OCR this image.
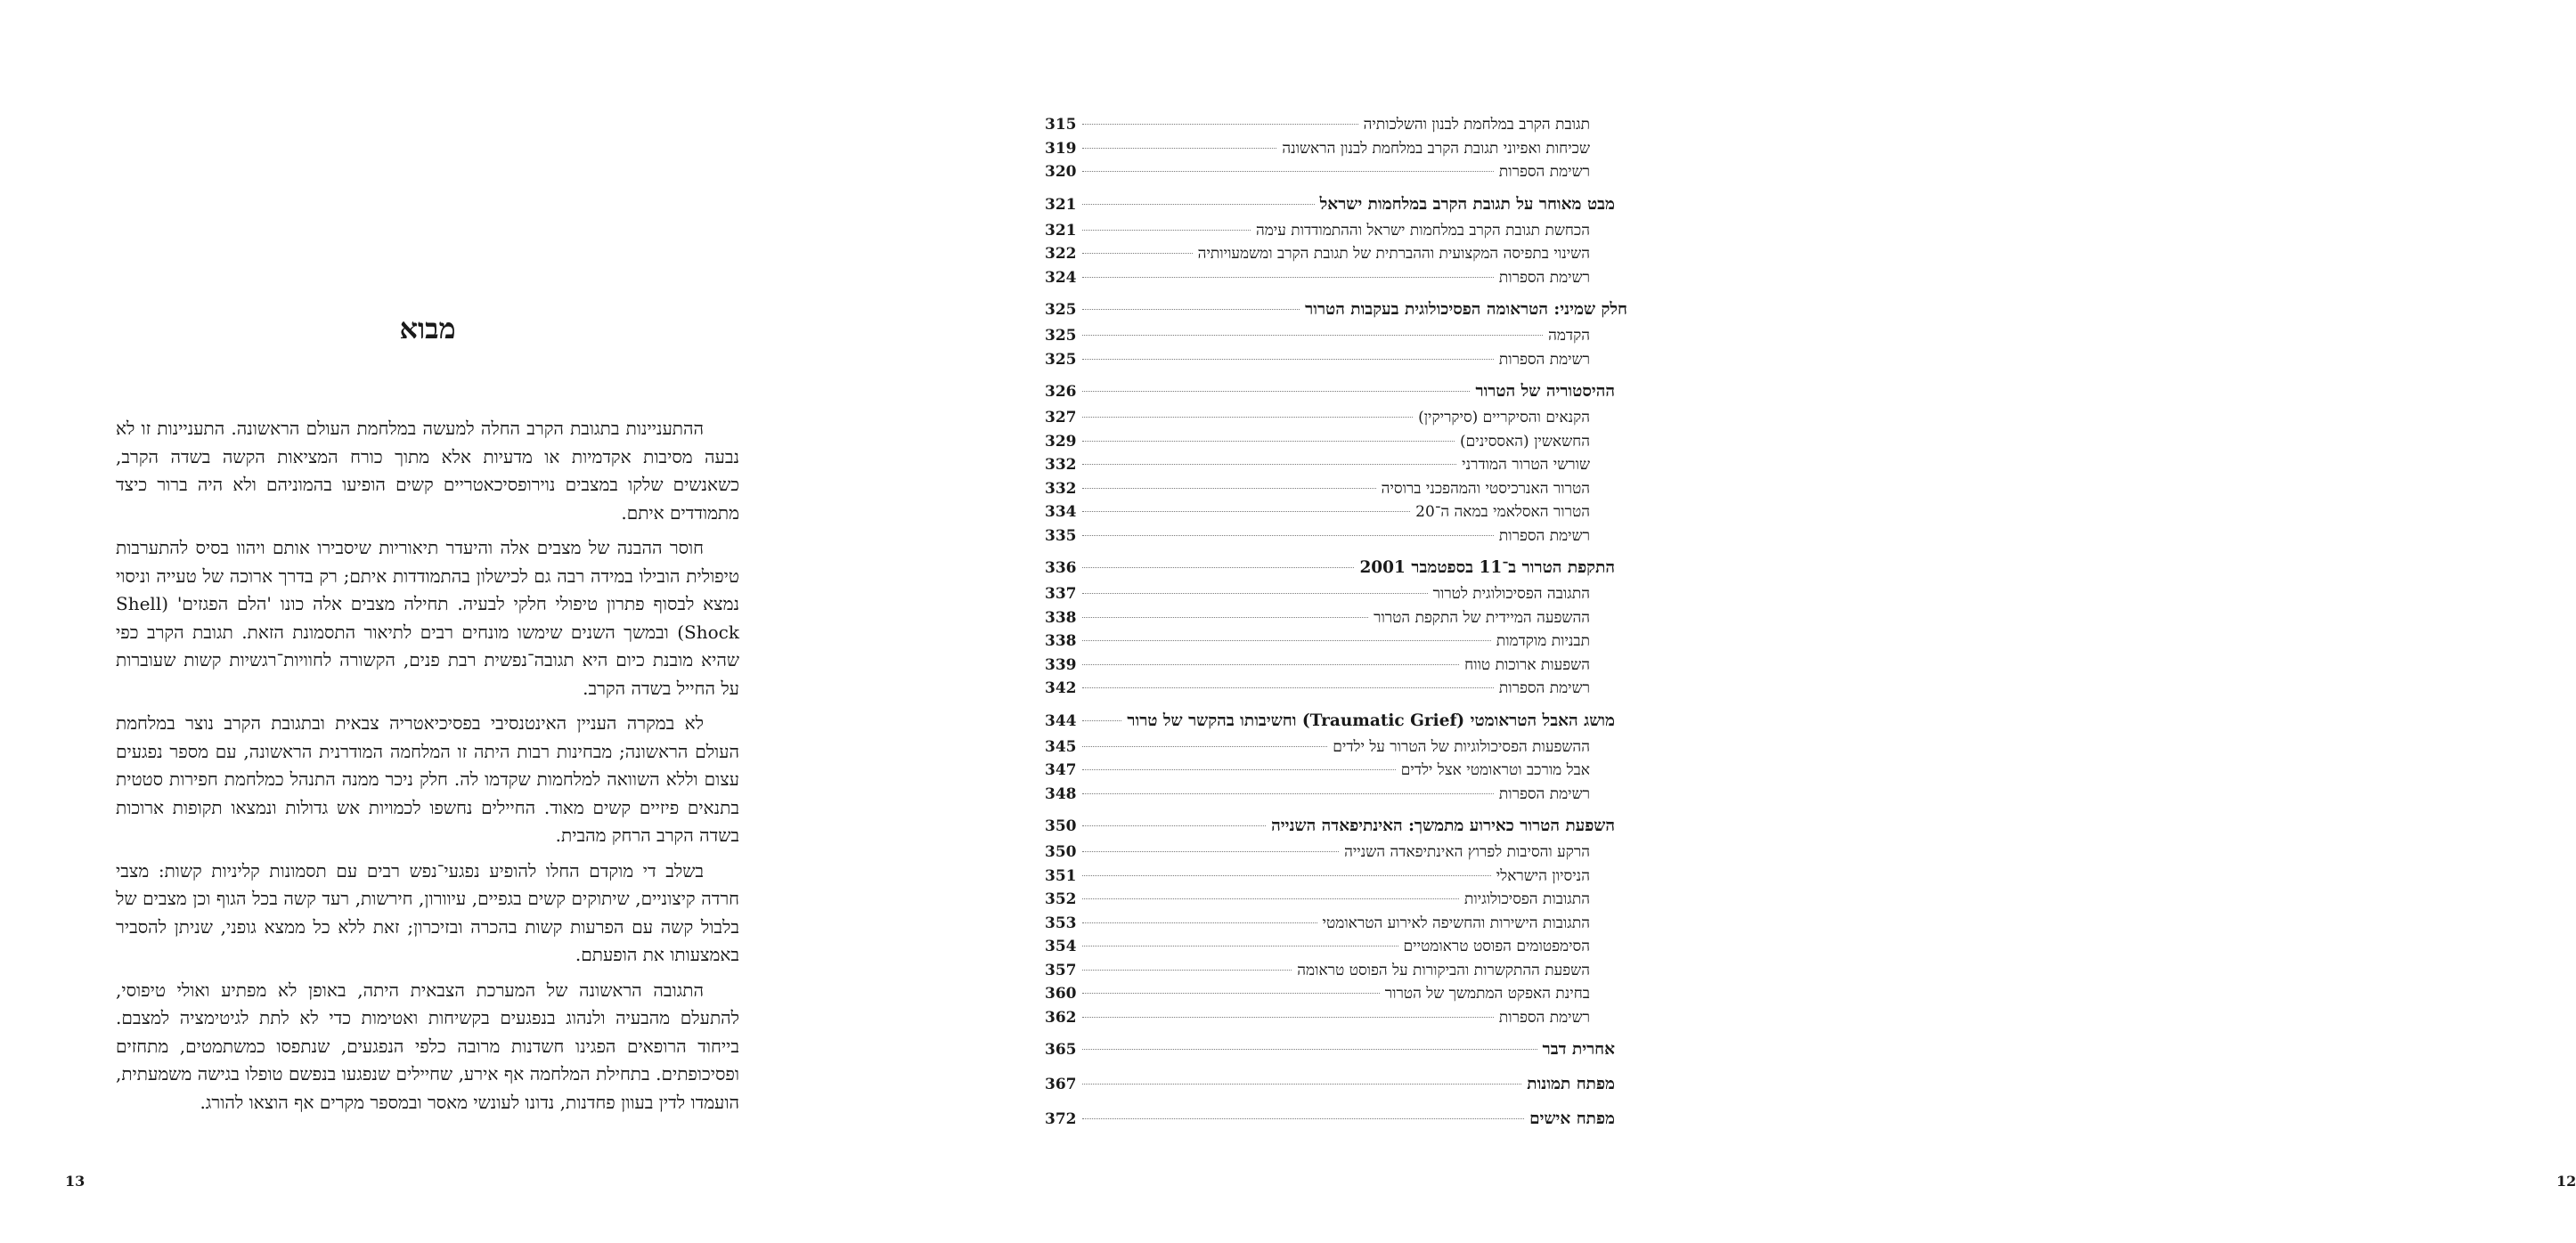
מבוא

ההתעניינות בתגובת הקרב החלה למעשה במלחמת העולם הראשונה. התעניינות זו לא נבעה מסיבות אקדמיות או מדעיות אלא מתוך כורח המציאות הקשה בשדה הקרב, כשאנשים שלקו במצבים נוירופסיכאטריים קשים הופיעו בהמוניהם ולא היה ברור כיצד מתמודדים איתם.

חוסר ההבנה של מצבים אלה והיעדר תיאוריות שיסבירו אותם ויהוו בסיס להתערבות טיפולית הובילו במידה רבה גם לכישלון בהתמודדות איתם; רק בדרך ארוכה של טעייה וניסוי נמצא לבסוף פתרון טיפולי חלקי לבעיה. תחילה מצבים אלה כונו 'הלם הפגזים' (Shell Shock) ובמשך השנים שימשו מונחים רבים לתיאור התסמונת הזאת. תגובת הקרב כפי שהיא מובנת כיום היא תגובה־נפשית רבת פנים, הקשורה לחוויות־רגשיות קשות שעוברות על החייל בשדה הקרב.

לא במקרה העניין האינטנסיבי בפסיכיאטריה צבאית ובתגובת הקרב נוצר במלחמת העולם הראשונה; מבחינות רבות היתה זו המלחמה המודרנית הראשונה, עם מספר נפגעים עצום וללא השוואה למלחמות שקדמו לה. חלק ניכר ממנה התנהל כמלחמת חפירות סטטית בתנאים פיזיים קשים מאוד. החיילים נחשפו לכמויות אש גדולות ונמצאו תקופות ארוכות בשדה הקרב הרחק מהבית.

בשלב די מוקדם החלו להופיע נפגעי־נפש רבים עם תסמונות קליניות קשות: מצבי חרדה קיצוניים, שיתוקים קשים בגפיים, עיוורון, חירשות, רעד קשה בכל הגוף וכן מצבים של בלבול קשה עם הפרעות קשות בהכרה ובזיכרון; זאת ללא כל ממצא גופני, שניתן להסביר באמצעותו את הופעתם.

התגובה הראשונה של המערכת הצבאית היתה, באופן לא מפתיע ואולי טיפוסי, להתעלם מהבעיה ולנהוג בנפגעים בקשיחות ואטימות כדי לא לתת לגיטימציה למצבם. בייחוד הרופאים הפגינו חשדנות מרובה כלפי הנפגעים, שנתפסו כמשתמטים, מתחזים ופסיכופתים. בתחילת המלחמה אף אירע, שחיילים שנפגעו בנפשם טופלו בגישה משמעתית, הועמדו לדין בעוון פחדנות, נדונו לעונשי מאסר ובמספר מקרים אף הוצאו להורג.

13
תגובת הקרב במלחמת לבנון והשלכותיה
315
שכיחות ואפיוני תגובת הקרב במלחמת לבנון הראשונה
319
רשימת הספרות
320
מבט מאוחר על תגובת הקרב במלחמות ישראל
321
הכחשת תגובת הקרב במלחמות ישראל וההתמודדות עימה
321
השינוי בתפיסה המקצועית וההברתית של תגובת הקרב ומשמעויותיה
322
רשימת הספרות
324
חלק שמיני: הטראומה הפסיכולוגית בעקבות הטרור
325
הקדמה
325
רשימת הספרות
325
ההיסטוריה של הטרור
326
הקנאים והסיקריים (סיקריקין)
327
החשאשין (האססינים)
329
שורשי הטרור המודרני
332
הטרור האנרכיסטי והמהפכני ברוסיה
332
הטרור האסלאמי במאה ה־20
334
רשימת הספרות
335
התקפת הטרור ב־11 בספטמבר 2001
336
התגובה הפסיכולוגית לטרור
337
ההשפעה המיידית של התקפת הטרור
338
תבניות מוקדמות
338
השפעות ארוכות טווח
339
רשימת הספרות
342
מושג האבל הטראומטי (Traumatic Grief) וחשיבותו בהקשר של טרור
344
ההשפעות הפסיכולוגיות של הטרור על ילדים
345
אבל מורכב וטראומטי אצל ילדים
347
רשימת הספרות
348
השפעת הטרור כאירוע מתמשך: האינתיפאדה השנייה
350
הרקע והסיבות לפרוץ האינתיפאדה השנייה
350
הניסיון הישראלי
351
התגובות הפסיכולוגיות
352
התגובות הישירות והחשיפה לאירוע הטראומטי
353
הסימפטומים הפוסט טראומטיים
354
השפעת ההתקשרות והביקורות על הפוסט טראומה
357
בחינת האפקט המתמשך של הטרור
360
רשימת הספרות
362
אחרית דבר
365
מפתח תמונות
367
מפתח אישים
372
12
